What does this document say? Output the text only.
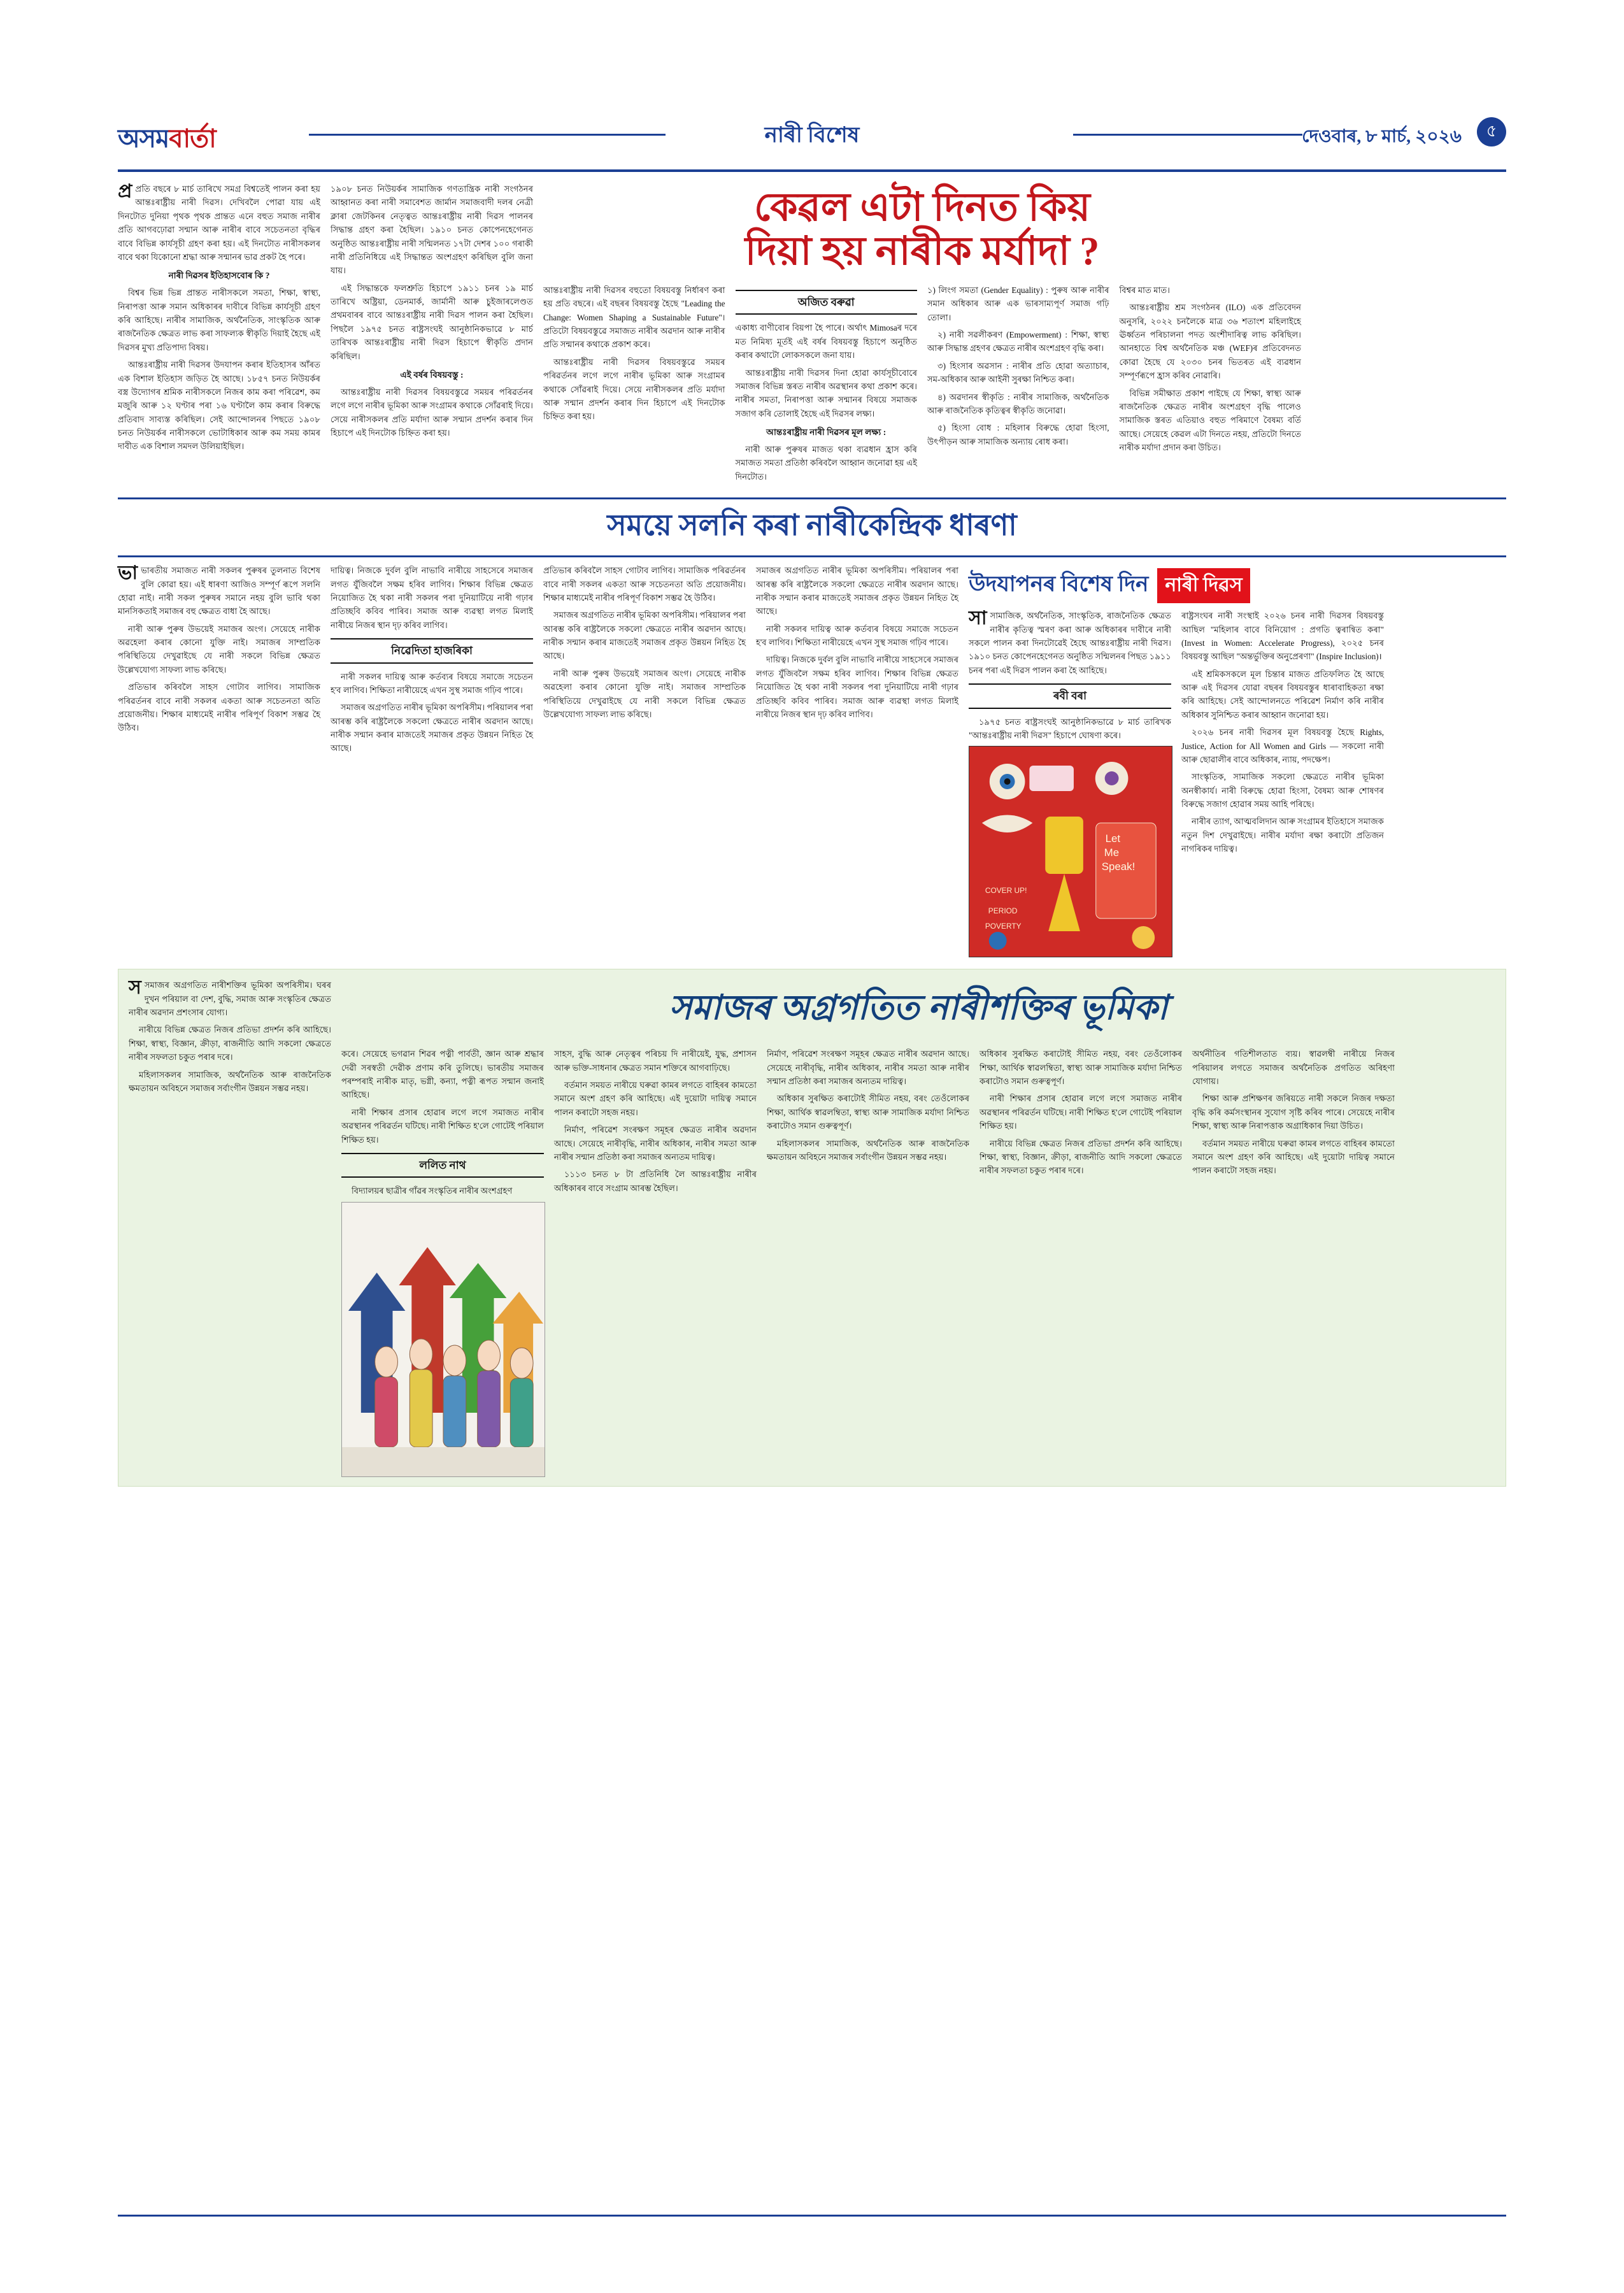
অসমবাৰ্তা	নাৰী বিশেষ	দেওবাৰ, ৮ মাৰ্চ, ২০২৬	৫

প্ৰ প্ৰতি বছৰে ৮ মাৰ্চ তাৰিখে সমগ্ৰ বিশ্বতেই পালন কৰা হয় আন্তঃৰাষ্ট্ৰীয় নাৰী দিৱস। দেখিবলৈ পোৱা যায় এই দিনটোত দুনিয়া পৃথক পৃথক প্ৰান্তত এনে বহুত সমাজ নাৰীৰ প্ৰতি আগবঢ়োৱা সন্মান আৰু নাৰীৰ বাবে সচেতনতা বৃদ্ধিৰ বাবে বিভিন্ন কাৰ্যসূচী গ্ৰহণ কৰা হয়। এই দিনটোত নাৰীসকলৰ বাবে থকা যিকোনো শ্ৰদ্ধা আৰু সন্মানৰ ভাৱ প্ৰকট হৈ পৰে।

নাৰী দিৱসৰ ইতিহাসবোৰ কি ?

বিশ্বৰ ভিন্ন ভিন্ন প্ৰান্তত নাৰীসকলে সমতা, শিক্ষা, স্বাস্থ্য, নিৰাপত্তা আৰু সমান অধিকাৰৰ দাবীৰে বিভিন্ন কাৰ্যসূচী গ্ৰহণ কৰি আহিছে। নাৰীৰ সামাজিক, অৰ্থনৈতিক, সাংস্কৃতিক আৰু ৰাজনৈতিক ক্ষেত্ৰত লাভ কৰা সাফল্যক স্বীকৃতি দিয়াই হৈছে এই দিৱসৰ মুখ্য প্ৰতিপাদ্য বিষয়।

আন্তঃৰাষ্ট্ৰীয় নাৰী দিৱসৰ উদযাপন কৰাৰ ইতিহাসৰ আঁৰত এক বিশাল ইতিহাস জড়িত হৈ আছে। ১৮৫৭ চনত নিউয়ৰ্কৰ বস্ত্ৰ উদ্যোগৰ শ্ৰমিক নাৰীসকলে নিজৰ কাম কৰা পৰিৱেশ, কম মজুৰি আৰু ১২ ঘণ্টাৰ পৰা ১৬ ঘণ্টালৈ কাম কৰাৰ বিৰুদ্ধে প্ৰতিবাদ সাব্যস্ত কৰিছিল। সেই আন্দোলনৰ পিছতে ১৯০৮ চনত নিউয়ৰ্কৰ নাৰীসকলে ভোটাধিকাৰ আৰু কম সময় কামৰ দাবীত এক বিশাল সমদল উলিয়াইছিল।

১৯০৮ চনত নিউয়ৰ্কৰ সামাজিক গণতান্ত্ৰিক নাৰী সংগঠনৰ আহ্বানত কৰা নাৰী সমাবেশত জাৰ্মান সমাজবাদী দলৰ নেত্ৰী ক্লাৰা জেটকিনৰ নেতৃত্বত আন্তঃৰাষ্ট্ৰীয় নাৰী দিৱস পালনৰ সিদ্ধান্ত গ্ৰহণ কৰা হৈছিল। ১৯১০ চনত কোপেনহেগেনত অনুষ্ঠিত আন্তঃৰাষ্ট্ৰীয় নাৰী সন্মিলনত ১৭টা দেশৰ ১০০ গৰাকী নাৰী প্ৰতিনিধিয়ে এই সিদ্ধান্তত অংশগ্ৰহণ কৰিছিল বুলি জনা যায়।

এই সিদ্ধান্তকে ফলশ্ৰুতি হিচাপে ১৯১১ চনৰ ১৯ মাৰ্চ তাৰিখে অষ্ট্ৰিয়া, ডেনমাৰ্ক, জাৰ্মানী আৰু চুইজাৰলেণ্ডত প্ৰথমবাৰৰ বাবে আন্তঃৰাষ্ট্ৰীয় নাৰী দিৱস পালন কৰা হৈছিল। পিছলৈ ১৯৭৫ চনত ৰাষ্ট্ৰসংঘই আনুষ্ঠানিকভাৱে ৮ মাৰ্চ তাৰিখক আন্তঃৰাষ্ট্ৰীয় নাৰী দিৱস হিচাপে স্বীকৃতি প্ৰদান কৰিছিল।

এই বৰ্ষৰ বিষয়বস্তু :

আন্তঃৰাষ্ট্ৰীয় নাৰী দিৱসৰ বিষয়বস্তুৱে সময়ৰ পৰিৱৰ্তনৰ লগে লগে নাৰীৰ ভূমিকা আৰু সংগ্ৰামৰ কথাকে সোঁৱৰাই দিয়ে। সেয়ে নাৰীসকলৰ প্ৰতি মৰ্যাদা আৰু সন্মান প্ৰদৰ্শন কৰাৰ দিন হিচাপে এই দিনটোক চিহ্নিত কৰা হয়।

কেৱল এটা দিনত কিয়
দিয়া হয় নাৰীক মৰ্যাদা ?

আন্তঃৰাষ্ট্ৰীয় নাৰী দিৱসৰ বহুতো বিষয়বস্তু নিৰ্ধাৰণ কৰা হয় প্ৰতি বছৰে। এই বছৰৰ বিষয়বস্তু হৈছে "Leading the Change: Women Shaping a Sustainable Future"। প্ৰতিটো বিষয়বস্তুৱে সমাজত নাৰীৰ অৱদান আৰু নাৰীৰ প্ৰতি সন্মানৰ কথাকে প্ৰকাশ কৰে।

আন্তঃৰাষ্ট্ৰীয় নাৰী দিৱসৰ বিষয়বস্তুৱে সময়ৰ পৰিৱৰ্তনৰ লগে লগে নাৰীৰ ভূমিকা আৰু সংগ্ৰামৰ কথাকে সোঁৱৰাই দিয়ে। সেয়ে নাৰীসকলৰ প্ৰতি মৰ্যাদা আৰু সন্মান প্ৰদৰ্শন কৰাৰ দিন হিচাপে এই দিনটোক চিহ্নিত কৰা হয়।

অজিত বৰুৱা

একাধ্য বাণীবোৰ বিয়পা হৈ পাৰে। অৰ্থাৎ Mimosaৰ দৰে মত নিমিষ্য মূৰ্তই এই বৰ্ষৰ বিষয়বস্তু হিচাপে অনুষ্ঠিত কৰাৰ কথাটো লোকসকলে জনা যায়।

আন্তঃৰাষ্ট্ৰীয় নাৰী দিৱসৰ দিনা হোৱা কাৰ্যসূচীবোৰে সমাজৰ বিভিন্ন স্তৰত নাৰীৰ অৱস্থানৰ কথা প্ৰকাশ কৰে। নাৰীৰ সমতা, নিৰাপত্তা আৰু সন্মানৰ বিষয়ে সমাজক সজাগ কৰি তোলাই হৈছে এই দিৱসৰ লক্ষ্য।

আন্তঃৰাষ্ট্ৰীয় নাৰী দিৱসৰ মূল লক্ষ্য :

নাৰী আৰু পুৰুষৰ মাজত থকা ব্যৱধান হ্ৰাস কৰি সমাজত সমতা প্ৰতিষ্ঠা কৰিবলৈ আহ্বান জনোৱা হয় এই দিনটোত।

১) লিংগ সমতা (Gender Equality) : পুৰুষ আৰু নাৰীৰ সমান অধিকাৰ আৰু এক ভাৰসাম্যপূৰ্ণ সমাজ গঢ়ি তোলা।

২) নাৰী সৱলীকৰণ (Empowerment) : শিক্ষা, স্বাস্থ্য আৰু সিদ্ধান্ত গ্ৰহণৰ ক্ষেত্ৰত নাৰীৰ অংশগ্ৰহণ বৃদ্ধি কৰা।

৩) হিংসাৰ অৱসান : নাৰীৰ প্ৰতি হোৱা অত্যাচাৰ, সম-অধিকাৰ আৰু আইনী সুৰক্ষা নিশ্চিত কৰা।

৪) অৱদানৰ স্বীকৃতি : নাৰীৰ সামাজিক, অৰ্থনৈতিক আৰু ৰাজনৈতিক কৃতিত্বৰ স্বীকৃতি জনোৱা।

৫) হিংসা বোধ : মহিলাৰ বিৰুদ্ধে হোৱা হিংসা, উৎপীড়ন আৰু সামাজিক অন্যায় ৰোধ কৰা।

বিশ্বৰ মাত মাত।

আন্তঃৰাষ্ট্ৰীয় শ্ৰম সংগঠনৰ (ILO) এক প্ৰতিবেদন অনুসৰি, ২০২২ চনলৈকে মাত্ৰ ৩৬ শতাংশ মহিলাইহে ঊৰ্ধ্বতন পৰিচালনা পদত অংশীদাৰিত্ব লাভ কৰিছিল। আনহাতে বিশ্ব অৰ্থনৈতিক মঞ্চ (WEF)ৰ প্ৰতিবেদনত কোৱা হৈছে যে ২০৩০ চনৰ ভিতৰত এই ব্যৱধান সম্পূৰ্ণৰূপে হ্ৰাস কৰিব নোৱাৰি।

বিভিন্ন সমীক্ষাত প্ৰকাশ পাইছে যে শিক্ষা, স্বাস্থ্য আৰু ৰাজনৈতিক ক্ষেত্ৰত নাৰীৰ অংশগ্ৰহণ বৃদ্ধি পালেও সামাজিক স্তৰত এতিয়াও বহুত পৰিমাণে বৈষম্য বৰ্তি আছে। সেয়েহে কেৱল এটা দিনতে নহয়, প্ৰতিটো দিনতে নাৰীক মৰ্যাদা প্ৰদান কৰা উচিত।

সময়ে সলনি কৰা নাৰীকেন্দ্ৰিক ধাৰণা

ভাভাৰতীয় সমাজত নাৰী সকলৰ পুৰুষৰ তুলনাত বিশেষ বুলি কোৱা হয়। এই ধাৰণা আজিও সম্পূৰ্ণ ৰূপে সলনি হোৱা নাই। নাৰী সকল পুৰুষৰ সমানে নহয় বুলি ভাবি থকা মানসিকতাই সমাজৰ বহু ক্ষেত্ৰত বাধা হৈ আছে।

নাৰী আৰু পুৰুষ উভয়েই সমাজৰ অংগ। সেয়েহে নাৰীক অৱহেলা কৰাৰ কোনো যুক্তি নাই। সমাজৰ সাম্প্ৰতিক পৰিস্থিতিয়ে দেখুৱাইছে যে নাৰী সকলে বিভিন্ন ক্ষেত্ৰত উল্লেখযোগ্য সাফল্য লাভ কৰিছে।

প্ৰতিভাৰ কৰিবলৈ সাহস গোটাব লাগিব। সামাজিক পৰিৱৰ্তনৰ বাবে নাৰী সকলৰ একতা আৰু সচেতনতা অতি প্ৰয়োজনীয়। শিক্ষাৰ মাধ্যমেই নাৰীৰ পৰিপূৰ্ণ বিকাশ সম্ভৱ হৈ উঠিব।

দায়িত্ব। নিজকে দুৰ্বল বুলি নাভাবি নাৰীয়ে সাহসেৰে সমাজৰ লগত যুঁজিবলৈ সক্ষম হৰিব লাগিব। শিক্ষাৰ বিভিন্ন ক্ষেত্ৰত নিয়োজিত হৈ থকা নাৰী সকলৰ পৰা দুনিয়াটিয়ে নাৰী গঢ়াৰ প্ৰতিচ্ছবি কবিব পাৰিব। সমাজ আৰু ব্যৱস্থা লগত মিলাই নাৰীয়ে নিজৰ স্থান দৃঢ় কৰিব লাগিব।

নিৱেদিতা হাজৰিকা

নাৰী সকলৰ দায়িত্ব আৰু কৰ্তব্যৰ বিষয়ে সমাজে সচেতন হ'ব লাগিব। শিক্ষিতা নাৰীয়েহে এখন সুস্থ সমাজ গঢ়িব পাৰে।

সমাজৰ অগ্ৰগতিত নাৰীৰ ভূমিকা অপৰিসীম। পৰিয়ালৰ পৰা আৰম্ভ কৰি ৰাষ্ট্ৰলৈকে সকলো ক্ষেত্ৰতে নাৰীৰ অৱদান আছে। নাৰীক সন্মান কৰাৰ মাজতেই সমাজৰ প্ৰকৃত উন্নয়ন নিহিত হৈ আছে।

প্ৰতিভাৰ কৰিবলৈ সাহস গোটাব লাগিব। সামাজিক পৰিৱৰ্তনৰ বাবে নাৰী সকলৰ একতা আৰু সচেতনতা অতি প্ৰয়োজনীয়। শিক্ষাৰ মাধ্যমেই নাৰীৰ পৰিপূৰ্ণ বিকাশ সম্ভৱ হৈ উঠিব।

সমাজৰ অগ্ৰগতিত নাৰীৰ ভূমিকা অপৰিসীম। পৰিয়ালৰ পৰা আৰম্ভ কৰি ৰাষ্ট্ৰলৈকে সকলো ক্ষেত্ৰতে নাৰীৰ অৱদান আছে। নাৰীক সন্মান কৰাৰ মাজতেই সমাজৰ প্ৰকৃত উন্নয়ন নিহিত হৈ আছে।

নাৰী আৰু পুৰুষ উভয়েই সমাজৰ অংগ। সেয়েহে নাৰীক অৱহেলা কৰাৰ কোনো যুক্তি নাই। সমাজৰ সাম্প্ৰতিক পৰিস্থিতিয়ে দেখুৱাইছে যে নাৰী সকলে বিভিন্ন ক্ষেত্ৰত উল্লেখযোগ্য সাফল্য লাভ কৰিছে।

সমাজৰ অগ্ৰগতিত নাৰীৰ ভূমিকা অপৰিসীম। পৰিয়ালৰ পৰা আৰম্ভ কৰি ৰাষ্ট্ৰলৈকে সকলো ক্ষেত্ৰতে নাৰীৰ অৱদান আছে। নাৰীক সন্মান কৰাৰ মাজতেই সমাজৰ প্ৰকৃত উন্নয়ন নিহিত হৈ আছে।

নাৰী সকলৰ দায়িত্ব আৰু কৰ্তব্যৰ বিষয়ে সমাজে সচেতন হ'ব লাগিব। শিক্ষিতা নাৰীয়েহে এখন সুস্থ সমাজ গঢ়িব পাৰে।

দায়িত্ব। নিজকে দুৰ্বল বুলি নাভাবি নাৰীয়ে সাহসেৰে সমাজৰ লগত যুঁজিবলৈ সক্ষম হৰিব লাগিব। শিক্ষাৰ বিভিন্ন ক্ষেত্ৰত নিয়োজিত হৈ থকা নাৰী সকলৰ পৰা দুনিয়াটিয়ে নাৰী গঢ়াৰ প্ৰতিচ্ছবি কবিব পাৰিব। সমাজ আৰু ব্যৱস্থা লগত মিলাই নাৰীয়ে নিজৰ স্থান দৃঢ় কৰিব লাগিব।

উদযাপনৰ বিশেষ দিন নাৰী দিৱস

সাসামাজিক, অৰ্থনৈতিক, সাংস্কৃতিক, ৰাজনৈতিক ক্ষেত্ৰত নাৰীৰ কৃতিত্ব স্মৰণ কৰা আৰু অধিকাৰৰ দাবীৰে নাৰী সকলে পালন কৰা দিনটোৱেই হৈছে আন্তঃৰাষ্ট্ৰীয় নাৰী দিৱস। ১৯১০ চনত কোপেনহেগেনত অনুষ্ঠিত সন্মিলনৰ পিছত ১৯১১ চনৰ পৰা এই দিৱস পালন কৰা হৈ আহিছে।

ৰবী বৰা

১৯৭৫ চনত ৰাষ্ট্ৰসংঘই আনুষ্ঠানিকভাৱে ৮ মাৰ্চ তাৰিখক "আন্তঃৰাষ্ট্ৰীয় নাৰী দিৱস" হিচাপে ঘোষণা কৰে।

Let
Me
Speak!
COVER UP!
PERIOD
POVERTY

ৰাষ্ট্ৰসংঘৰ নাৰী সংস্থাই ২০২৬ চনৰ নাৰী দিৱসৰ বিষয়বস্তু আছিল "মহিলাৰ বাবে বিনিয়োগ : প্ৰগতি ত্বৰান্বিত কৰা" (Invest in Women: Accelerate Progress), ২০২৫ চনৰ বিষয়বস্তু আছিল "অন্তৰ্ভুক্তিৰ অনুপ্ৰেৰণা" (Inspire Inclusion)।

এই শ্ৰমিকসকলে মূল চিন্তাৰ মাজত প্ৰতিফলিত হৈ আছে আৰু এই দিৱসৰ যোৱা বছৰৰ বিষয়বস্তুৰ ধাৰাবাহিকতা ৰক্ষা কৰি আহিছে। সেই আন্দোলনতে পৰিৱেশ নিৰ্মাণ কৰি নাৰীৰ অধিকাৰ সুনিশ্চিত কৰাৰ আহ্বান জনোৱা হয়।

২০২৬ চনৰ নাৰী দিৱসৰ মূল বিষয়বস্তু হৈছে Rights, Justice, Action for All Women and Girls — সকলো নাৰী আৰু ছোৱালীৰ বাবে অধিকাৰ, ন্যায়, পদক্ষেপ।

সাংস্কৃতিক, সামাজিক সকলো ক্ষেত্ৰতে নাৰীৰ ভূমিকা অনস্বীকাৰ্য। নাৰী বিৰুদ্ধে হোৱা হিংসা, বৈষম্য আৰু শোষণৰ বিৰুদ্ধে সজাগ হোৱাৰ সময় আহি পৰিছে।

নাৰীৰ ত্যাগ, আত্মবলিদান আৰু সংগ্ৰামৰ ইতিহাসে সমাজক নতুন দিশ দেখুৱাইছে। নাৰীৰ মৰ্যাদা ৰক্ষা কৰাটো প্ৰতিজন নাগৰিকৰ দায়িত্ব।

সসমাজৰ অগ্ৰগতিত নাৰীশক্তিৰ ভূমিকা অপৰিসীম। ঘৰৰ দুখন পৰিয়াল বা দেশ, বুদ্ধি, সমাজ আৰু সংস্কৃতিৰ ক্ষেত্ৰত নাৰীৰ অৱদান প্ৰশংসাৰ যোগ্য।

নাৰীয়ে বিভিন্ন ক্ষেত্ৰত নিজৰ প্ৰতিভা প্ৰদৰ্শন কৰি আহিছে। শিক্ষা, স্বাস্থ্য, বিজ্ঞান, ক্ৰীড়া, ৰাজনীতি আদি সকলো ক্ষেত্ৰতে নাৰীৰ সফলতা চকুত পৰাৰ দৰে।

মহিলাসকলৰ সামাজিক, অৰ্থনৈতিক আৰু ৰাজনৈতিক ক্ষমতায়ন অবিহনে সমাজৰ সৰ্বাংগীন উন্নয়ন সম্ভৱ নহয়।

সমাজৰ অগ্ৰগতিত নাৰীশক্তিৰ ভূমিকা

কৰে। সেয়েহে ভগৱান শিৱৰ পত্নী পাৰ্বতী, জ্ঞান আৰু শ্ৰদ্ধাৰ দেৱী সৰস্বতী দেৱীক প্ৰণাম কৰি তুলিছে। ভাৰতীয় সমাজৰ পৰম্পৰাই নাৰীক মাতৃ, ভগ্নী, কন্যা, পত্নী ৰূপত সন্মান জনাই আহিছে।

নাৰী শিক্ষাৰ প্ৰসাৰ হোৱাৰ লগে লগে সমাজত নাৰীৰ অৱস্থানৰ পৰিৱৰ্তন ঘটিছে। নাৰী শিক্ষিত হ'লে গোটেই পৰিয়াল শিক্ষিত হয়।

ললিত নাথ

বিদ্যালয়ৰ ছাত্ৰীৰ গাঁৱৰ সংস্কৃতিৰ নাৰীৰ অংশগ্ৰহণ

সাহস, বুদ্ধি আৰু নেতৃত্বৰ পৰিচয় দি নাৰীয়েই, যুদ্ধ, প্ৰশাসন আৰু ভক্তি-সাধনাৰ ক্ষেত্ৰত সমান শক্তিৰে আগবাঢ়িছে।

বৰ্তমান সময়ত নাৰীয়ে ঘৰুৱা কামৰ লগতে বাহিৰৰ কামতো সমানে অংশ গ্ৰহণ কৰি আহিছে। এই দুয়োটা দায়িত্ব সমানে পালন কৰাটো সহজ নহয়।

নিৰ্মাণ, পৰিৱেশ সংৰক্ষণ সমূহৰ ক্ষেত্ৰত নাৰীৰ অৱদান আছে। সেয়েহে নাৰীবৃদ্ধি, নাৰীৰ অধিকাৰ, নাৰীৰ সমতা আৰু নাৰীৰ সন্মান প্ৰতিষ্ঠা কৰা সমাজৰ অন্যতম দায়িত্ব।

১১১৩ চনত ৮ টা প্ৰতিনিধি লৈ আন্তঃৰাষ্ট্ৰীয় নাৰীৰ অধিকাৰৰ বাবে সংগ্ৰাম আৰম্ভ হৈছিল।

নিৰ্মাণ, পৰিৱেশ সংৰক্ষণ সমূহৰ ক্ষেত্ৰত নাৰীৰ অৱদান আছে। সেয়েহে নাৰীবৃদ্ধি, নাৰীৰ অধিকাৰ, নাৰীৰ সমতা আৰু নাৰীৰ সন্মান প্ৰতিষ্ঠা কৰা সমাজৰ অন্যতম দায়িত্ব।

অধিকাৰ সুৰক্ষিত কৰাটোই সীমিত নহয়, বৰং তেওঁলোকৰ শিক্ষা, আৰ্থিক স্বাৱলম্বিতা, স্বাস্থ্য আৰু সামাজিক মৰ্যাদা নিশ্চিত কৰাটোও সমান গুৰুত্বপূৰ্ণ।

মহিলাসকলৰ সামাজিক, অৰ্থনৈতিক আৰু ৰাজনৈতিক ক্ষমতায়ন অবিহনে সমাজৰ সৰ্বাংগীন উন্নয়ন সম্ভৱ নহয়।

অধিকাৰ সুৰক্ষিত কৰাটোই সীমিত নহয়, বৰং তেওঁলোকৰ শিক্ষা, আৰ্থিক স্বাৱলম্বিতা, স্বাস্থ্য আৰু সামাজিক মৰ্যাদা নিশ্চিত কৰাটোও সমান গুৰুত্বপূৰ্ণ।

নাৰী শিক্ষাৰ প্ৰসাৰ হোৱাৰ লগে লগে সমাজত নাৰীৰ অৱস্থানৰ পৰিৱৰ্তন ঘটিছে। নাৰী শিক্ষিত হ'লে গোটেই পৰিয়াল শিক্ষিত হয়।

নাৰীয়ে বিভিন্ন ক্ষেত্ৰত নিজৰ প্ৰতিভা প্ৰদৰ্শন কৰি আহিছে। শিক্ষা, স্বাস্থ্য, বিজ্ঞান, ক্ৰীড়া, ৰাজনীতি আদি সকলো ক্ষেত্ৰতে নাৰীৰ সফলতা চকুত পৰাৰ দৰে।

অৰ্থনীতিৰ গতিশীলতাত ব্যয়। স্বাৱলম্বী নাৰীয়ে নিজৰ পৰিয়ালৰ লগতে সমাজৰ অৰ্থনৈতিক প্ৰগতিত অৰিহণা যোগায়।

শিক্ষা আৰু প্ৰশিক্ষণৰ জৰিয়তে নাৰী সকলে নিজৰ দক্ষতা বৃদ্ধি কৰি কৰ্মসংস্থানৰ সুযোগ সৃষ্টি কৰিব পাৰে। সেয়েহে নাৰীৰ শিক্ষা, স্বাস্থ্য আৰু নিৰাপত্তাক অগ্ৰাধিকাৰ দিয়া উচিত।

বৰ্তমান সময়ত নাৰীয়ে ঘৰুৱা কামৰ লগতে বাহিৰৰ কামতো সমানে অংশ গ্ৰহণ কৰি আহিছে। এই দুয়োটা দায়িত্ব সমানে পালন কৰাটো সহজ নহয়।
